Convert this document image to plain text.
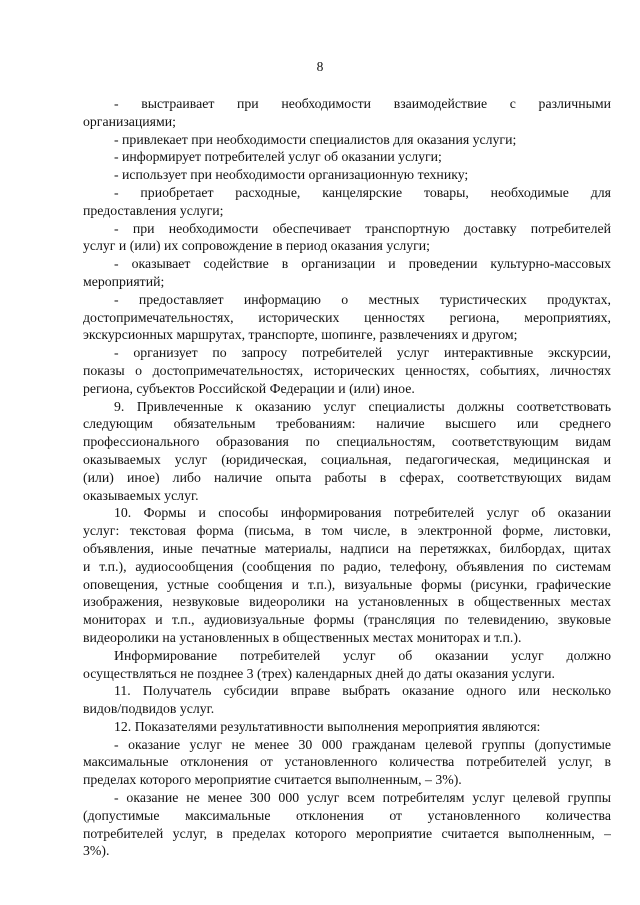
8
- выстраивает при необходимости взаимодействие с различными
организациями;
- привлекает при необходимости специалистов для оказания услуги;
- информирует потребителей услуг об оказании услуги;
- использует при необходимости организационную технику;
- приобретает расходные, канцелярские товары, необходимые для
предоставления услуги;
- при необходимости обеспечивает транспортную доставку потребителей
услуг и (или) их сопровождение в период оказания услуги;
- оказывает содействие в организации и проведении культурно-массовых
мероприятий;
- предоставляет информацию о местных туристических продуктах,
достопримечательностях, исторических ценностях региона, мероприятиях,
экскурсионных маршрутах, транспорте, шопинге, развлечениях и другом;
- организует по запросу потребителей услуг интерактивные экскурсии,
показы о достопримечательностях, исторических ценностях, событиях, личностях
региона, субъектов Российской Федерации и (или) иное.
9. Привлеченные к оказанию услуг специалисты должны соответствовать
следующим обязательным требованиям: наличие высшего или среднего
профессионального образования по специальностям, соответствующим видам
оказываемых услуг (юридическая, социальная, педагогическая, медицинская и
(или) иное) либо наличие опыта работы в сферах, соответствующих видам
оказываемых услуг.
10. Формы и способы информирования потребителей услуг об оказании
услуг: текстовая форма (письма, в том числе, в электронной форме, листовки,
объявления, иные печатные материалы, надписи на перетяжках, билбордах, щитах
и т.п.), аудиосообщения (сообщения по радио, телефону, объявления по системам
оповещения, устные сообщения и т.п.), визуальные формы (рисунки, графические
изображения, незвуковые видеоролики на установленных в общественных местах
мониторах и т.п., аудиовизуальные формы (трансляция по телевидению, звуковые
видеоролики на установленных в общественных местах мониторах и т.п.).
Информирование потребителей услуг об оказании услуг должно
осуществляться не позднее 3 (трех) календарных дней до даты оказания услуги.
11. Получатель субсидии вправе выбрать оказание одного или несколько
видов/подвидов услуг.
12. Показателями результативности выполнения мероприятия являются:
- оказание услуг не менее 30 000 гражданам целевой группы (допустимые
максимальные отклонения от установленного количества потребителей услуг, в
пределах которого мероприятие считается выполненным, – 3%).
- оказание не менее 300 000 услуг всем потребителям услуг целевой группы
(допустимые максимальные отклонения от установленного количества
потребителей услуг, в пределах которого мероприятие считается выполненным, –
3%).
